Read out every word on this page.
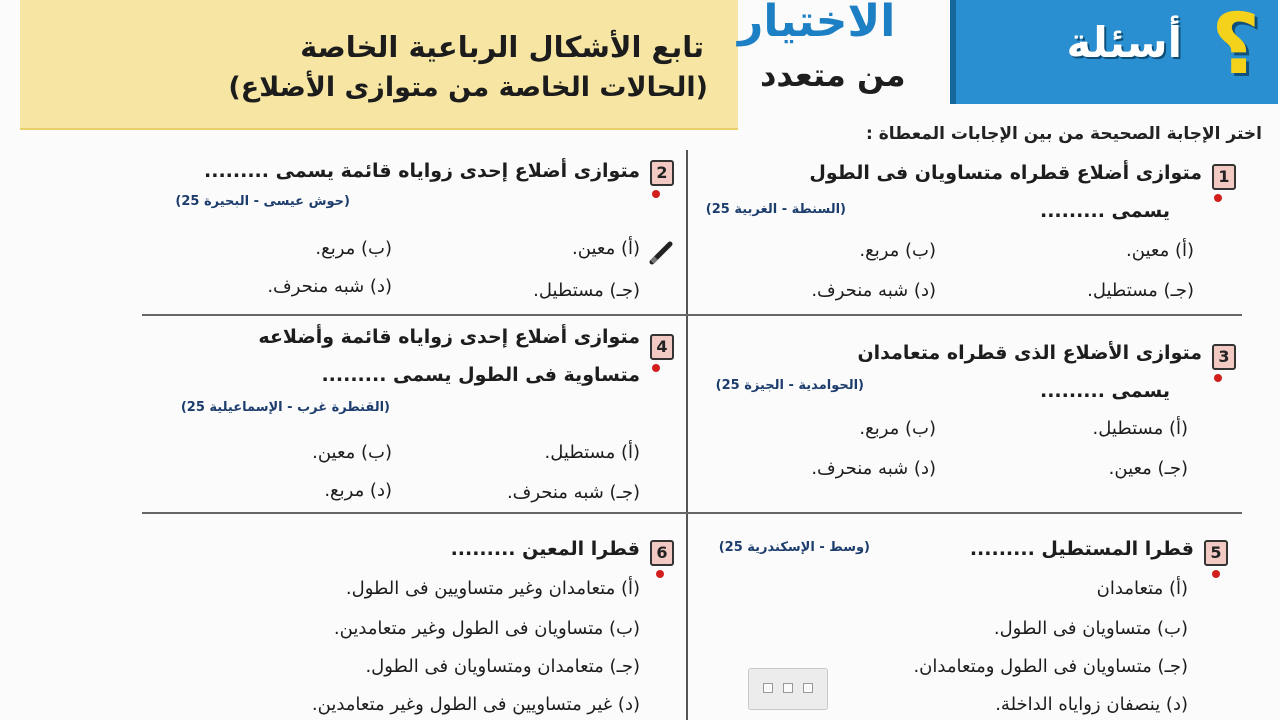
تابع الأشكال الرباعية الخاصة
(الحالات الخاصة من متوازى الأضلاع)
الاختيار
من متعدد
أسئلة ؟
اختر الإجابة الصحيحة من بين الإجابات المعطاة :
1
متوازى أضلاع قطراه متساويان فى الطول
يسمى .........
(السنطة - الغربية 25)
(أ) معين.
(ب) مربع.
(جـ) مستطيل.
(د) شبه منحرف.
2
متوازى أضلاع إحدى زواياه قائمة يسمى .........
(حوش عيسى - البحيرة 25)
(أ) معين.
(ب) مربع.
(جـ) مستطيل.
(د) شبه منحرف.
3
متوازى الأضلاع الذى قطراه متعامدان
يسمى .........
(الحوامدية - الجيزة 25)
(أ) مستطيل.
(ب) مربع.
(جـ) معين.
(د) شبه منحرف.
4
متوازى أضلاع إحدى زواياه قائمة وأضلاعه
متساوية فى الطول يسمى .........
(القنطرة غرب - الإسماعيلية 25)
(أ) مستطيل.
(ب) معين.
(جـ) شبه منحرف.
(د) مربع.
5
قطرا المستطيل .........
(وسط - الإسكندرية 25)
(أ) متعامدان
(ب) متساويان فى الطول.
(جـ) متساويان فى الطول ومتعامدان.
(د) ينصفان زواياه الداخلة.
6
قطرا المعين .........
(أ) متعامدان وغير متساويين فى الطول.
(ب) متساويان فى الطول وغير متعامدين.
(جـ) متعامدان ومتساويان فى الطول.
(د) غير متساويين فى الطول وغير متعامدين.
